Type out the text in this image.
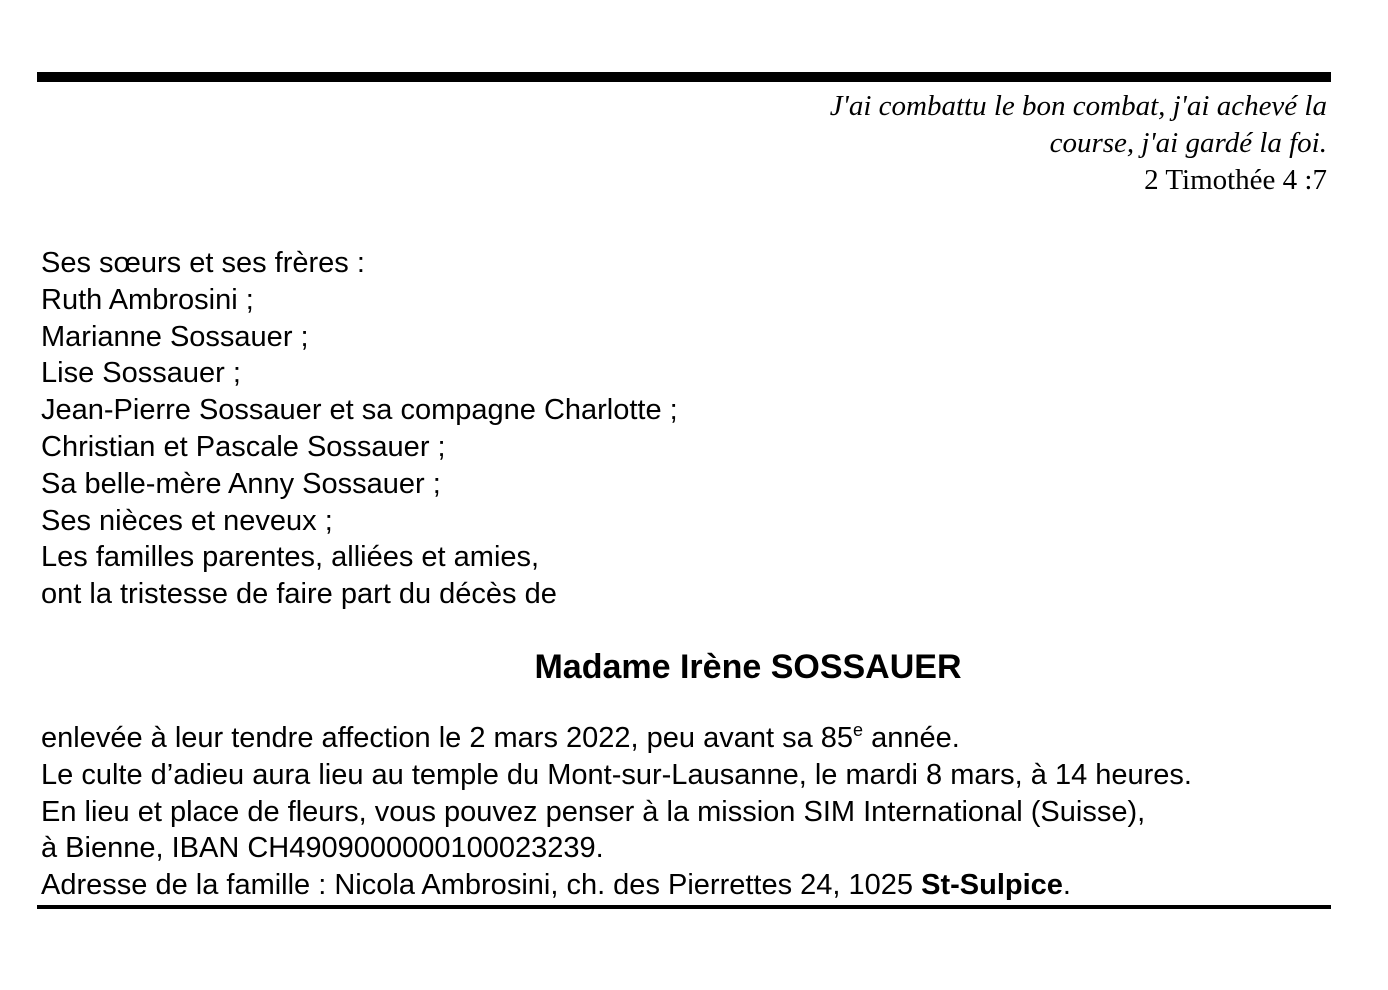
J'ai combattu le bon combat, j'ai achevé la
course, j'ai gardé la foi.
2 Timothée 4 :7
Ses sœurs et ses frères :
Ruth Ambrosini ;
Marianne Sossauer ;
Lise Sossauer ;
Jean-Pierre Sossauer et sa compagne Charlotte ;
Christian et Pascale Sossauer ;
Sa belle-mère Anny Sossauer ;
Ses nièces et neveux ;
Les familles parentes, alliées et amies,
ont la tristesse de faire part du décès de
Madame Irène SOSSAUER
enlevée à leur tendre affection le 2 mars 2022, peu avant sa 85e année.
Le culte d’adieu aura lieu au temple du Mont-sur-Lausanne, le mardi 8 mars, à 14 heures.
En lieu et place de fleurs, vous pouvez penser à la mission SIM International (Suisse),
à Bienne, IBAN CH4909000000100023239.
Adresse de la famille : Nicola Ambrosini, ch. des Pierrettes 24, 1025 St-Sulpice.
